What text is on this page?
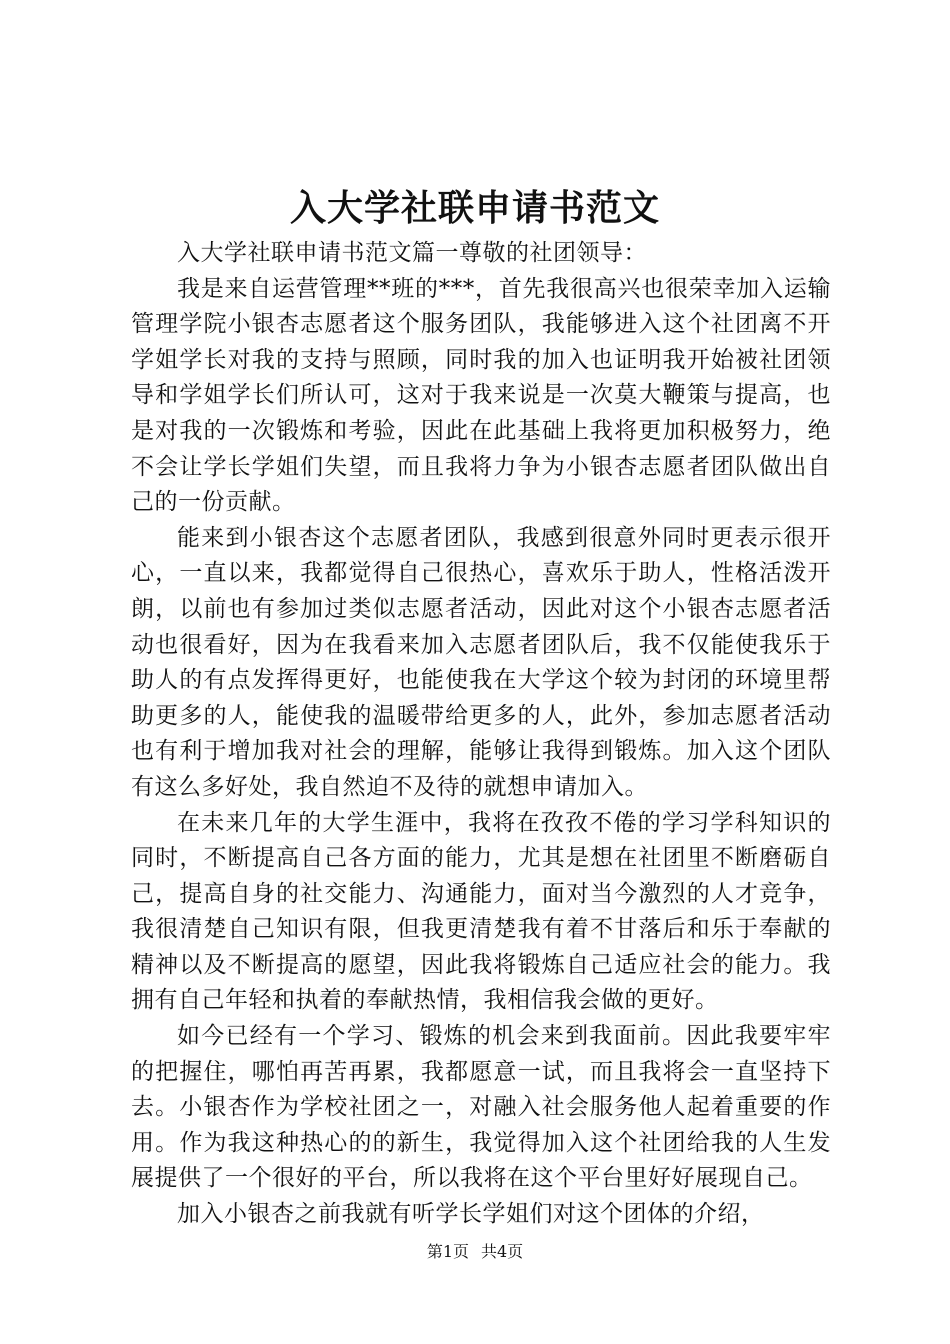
入大学社联申请书范文

入大学社联申请书范文篇一尊敬的社团领导：

我是来自运营管理**班的***，首先我很高兴也很荣幸加入运输管理学院小银杏志愿者这个服务团队，我能够进入这个社团离不开学姐学长对我的支持与照顾，同时我的加入也证明我开始被社团领导和学姐学长们所认可，这对于我来说是一次莫大鞭策与提高，也是对我的一次锻炼和考验，因此在此基础上我将更加积极努力，绝不会让学长学姐们失望，而且我将力争为小银杏志愿者团队做出自己的一份贡献。

能来到小银杏这个志愿者团队，我感到很意外同时更表示很开心，一直以来，我都觉得自己很热心，喜欢乐于助人，性格活泼开朗，以前也有参加过类似志愿者活动，因此对这个小银杏志愿者活动也很看好，因为在我看来加入志愿者团队后，我不仅能使我乐于助人的有点发挥得更好，也能使我在大学这个较为封闭的环境里帮助更多的人，能使我的温暖带给更多的人，此外，参加志愿者活动也有利于增加我对社会的理解，能够让我得到锻炼。加入这个团队有这么多好处，我自然迫不及待的就想申请加入。

在未来几年的大学生涯中，我将在孜孜不倦的学习学科知识的同时，不断提高自己各方面的能力，尤其是想在社团里不断磨砺自己，提高自身的社交能力、沟通能力，面对当今激烈的人才竞争，我很清楚自己知识有限，但我更清楚我有着不甘落后和乐于奉献的精神以及不断提高的愿望，因此我将锻炼自己适应社会的能力。我拥有自己年轻和执着的奉献热情，我相信我会做的更好。

如今已经有一个学习、锻炼的机会来到我面前。因此我要牢牢的把握住，哪怕再苦再累，我都愿意一试，而且我将会一直坚持下去。小银杏作为学校社团之一，对融入社会服务他人起着重要的作用。作为我这种热心的的新生，我觉得加入这个社团给我的人生发展提供了一个很好的平台，所以我将在这个平台里好好展现自己。

加入小银杏之前我就有听学长学姐们对这个团体的介绍，

第1页 共4页
